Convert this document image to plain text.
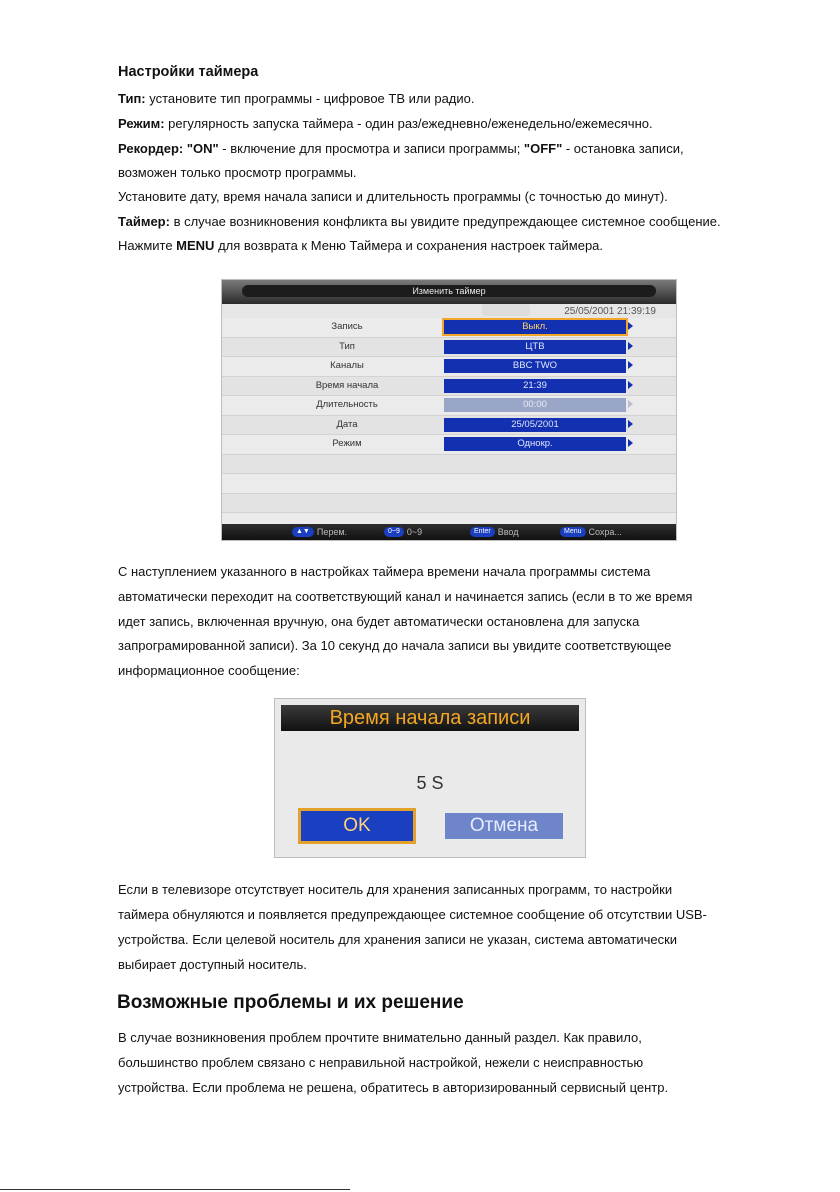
Настройки таймера
Тип: установите тип программы - цифровое ТВ или радио.
Режим: регулярность запуска таймера - один раз/ежедневно/еженедельно/ежемесячно.
Рекордер: "ON" - включение для просмотра и записи программы; "OFF" - остановка записи,
возможен только просмотр программы.
Установите дату, время начала записи и длительность программы (с точностью до минут).
Таймер: в случае возникновения конфликта вы увидите предупреждающее системное сообщение.
Нажмите MENU для возврата к Меню Таймера и сохранения настроек таймера.
Изменить таймер
25/05/2001 21:39:19
Запись	Выкл.
Тип	ЦТВ
Каналы	BBC TWO
Время начала	21:39
Длительность	00:00
Дата	25/05/2001
Режим	Однокр.
▲▼ Перем.	0~9 0~9	Enter Ввод	Menu Сохра...
С наступлением указанного в настройках таймера времени начала программы система
автоматически переходит на соответствующий канал и начинается запись (если в то же время
идет запись, включенная вручную, она будет автоматически остановлена для запуска
запрограмированной записи). За 10 секунд до начала записи вы увидите соответствующее
информационное сообщение:
Время начала записи
5 S
OK	Отмена
Если в телевизоре отсутствует носитель для хранения записанных программ, то настройки
таймера обнуляются и появляется предупреждающее системное сообщение об отсутствии USB-
устройства. Если целевой носитель для хранения записи не указан, система автоматически
выбирает доступный носитель.
Возможные проблемы и их решение
В случае возникновения проблем прочтите внимательно данный раздел. Как правило,
большинство проблем связано с неправильной настройкой, нежели с неисправностью
устройства. Если проблема не решена, обратитесь в авторизированный сервисный центр.
